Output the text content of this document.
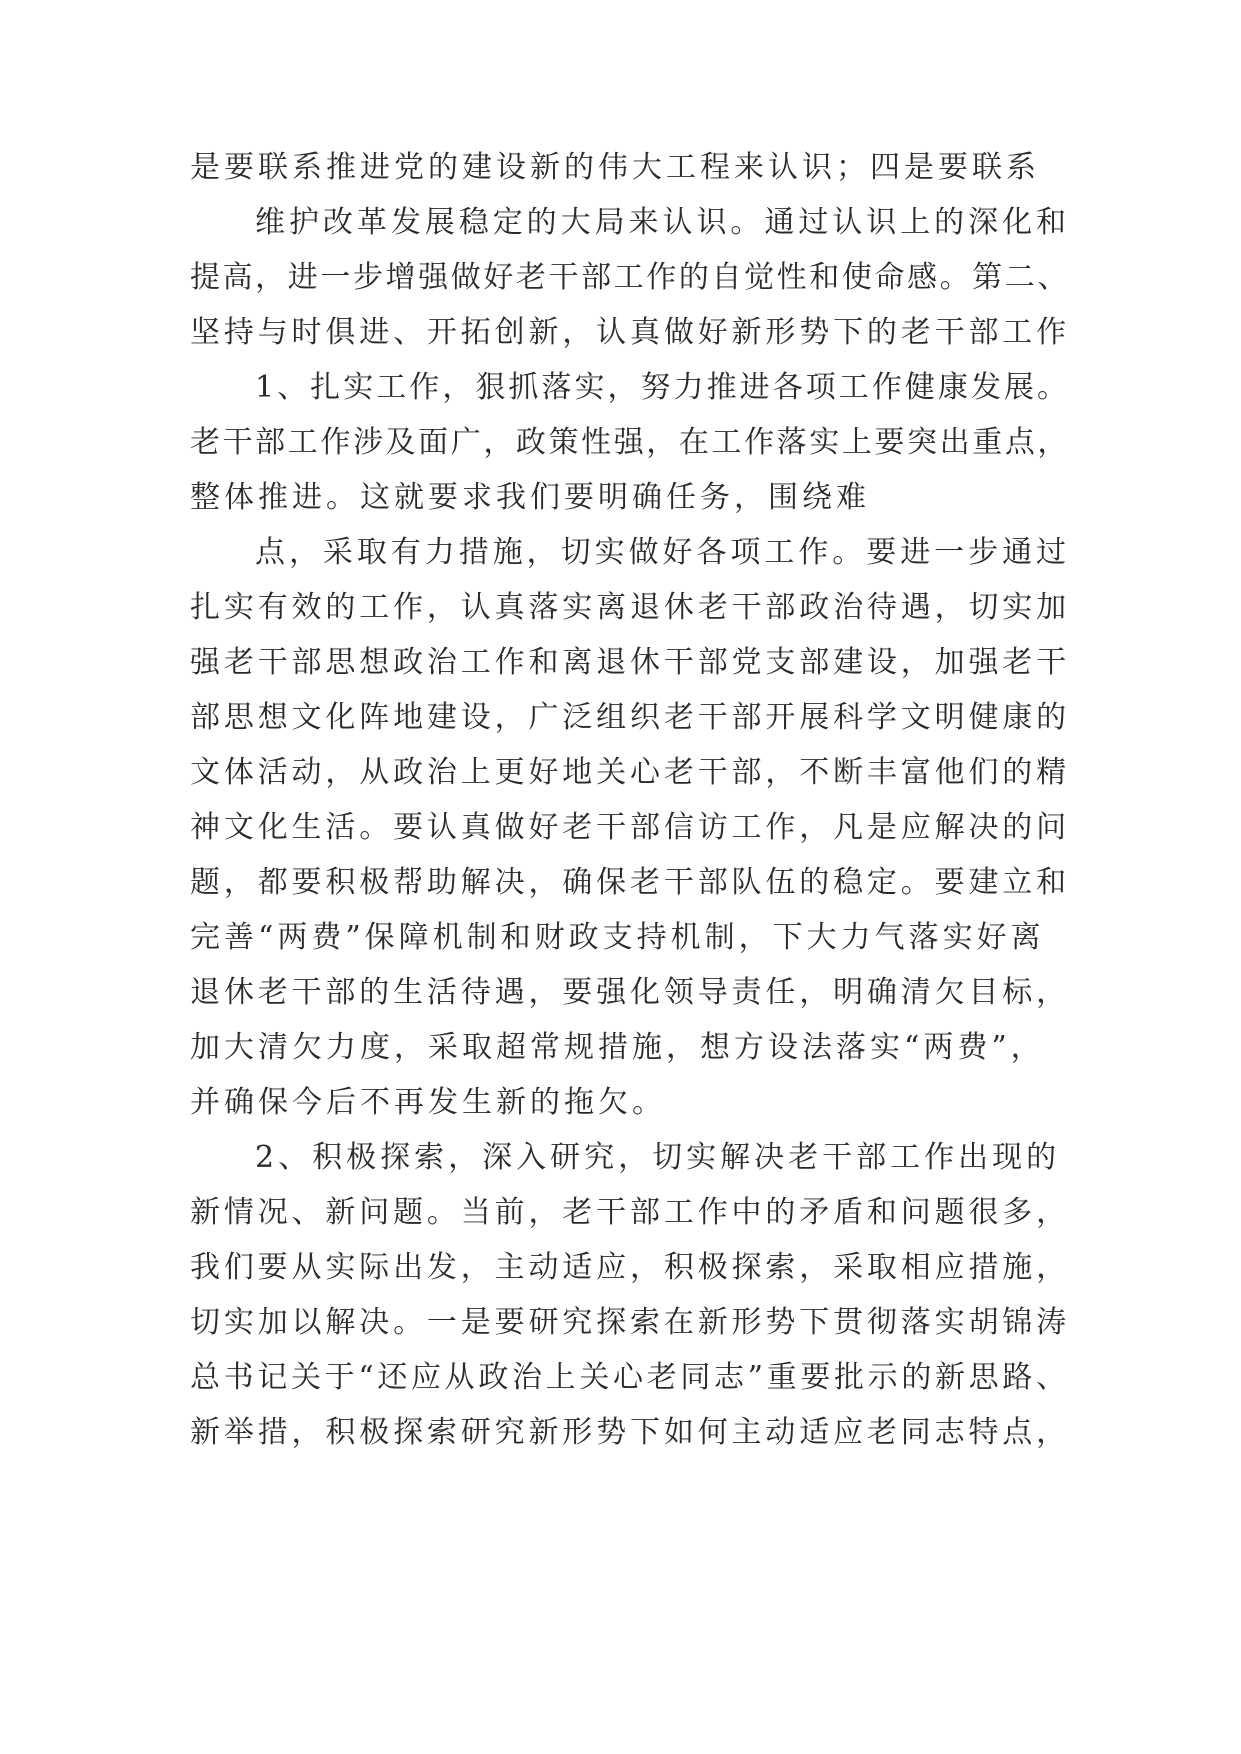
是要联系推进党的建设新的伟大工程来认识；四是要联系
维护改革发展稳定的大局来认识。通过认识上的深化和
提高，进一步增强做好老干部工作的自觉性和使命感。第二、
坚持与时俱进、开拓创新，认真做好新形势下的老干部工作
1、扎实工作，狠抓落实，努力推进各项工作健康发展。
老干部工作涉及面广，政策性强，在工作落实上要突出重点，
整体推进。这就要求我们要明确任务，围绕难
点，采取有力措施，切实做好各项工作。要进一步通过
扎实有效的工作，认真落实离退休老干部政治待遇，切实加
强老干部思想政治工作和离退休干部党支部建设，加强老干
部思想文化阵地建设，广泛组织老干部开展科学文明健康的
文体活动，从政治上更好地关心老干部，不断丰富他们的精
神文化生活。要认真做好老干部信访工作，凡是应解决的问
题，都要积极帮助解决，确保老干部队伍的稳定。要建立和
完善“两费”保障机制和财政支持机制，下大力气落实好离
退休老干部的生活待遇，要强化领导责任，明确清欠目标，
加大清欠力度，采取超常规措施，想方设法落实“两费”，
并确保今后不再发生新的拖欠。
2、积极探索，深入研究，切实解决老干部工作出现的
新情况、新问题。当前，老干部工作中的矛盾和问题很多，
我们要从实际出发，主动适应，积极探索，采取相应措施，
切实加以解决。一是要研究探索在新形势下贯彻落实胡锦涛
总书记关于“还应从政治上关心老同志”重要批示的新思路、
新举措，积极探索研究新形势下如何主动适应老同志特点，
